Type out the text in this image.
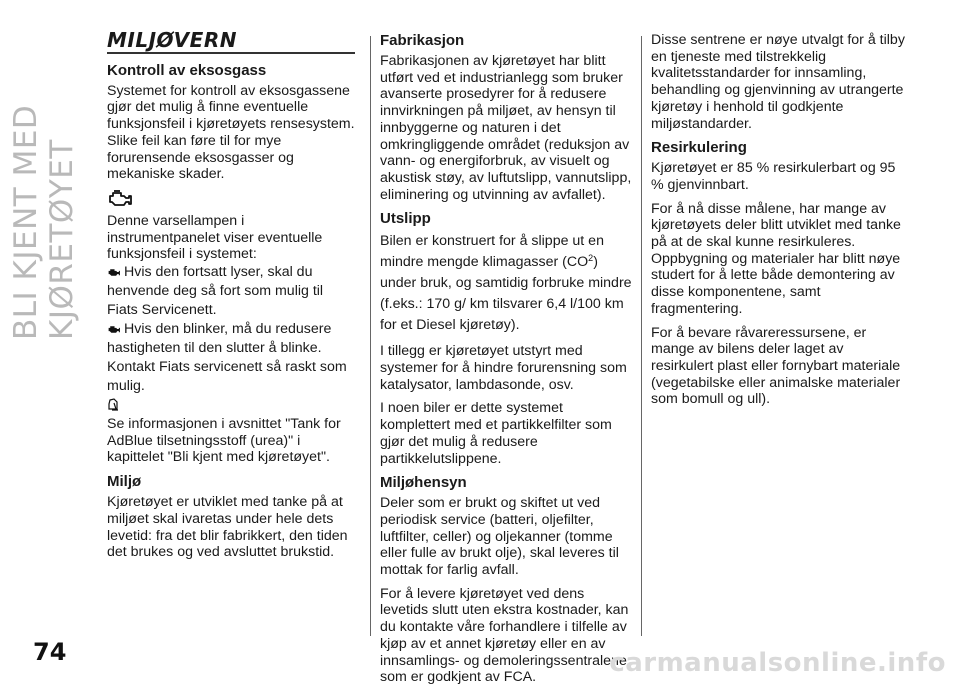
BLI KJENT MED KJØRETØYET
MILJØVERN
Kontroll av eksosgass

Systemet for kontroll av eksosgassene gjør det mulig å finne eventuelle funksjonsfeil i kjøretøyets rensesystem. Slike feil kan føre til for mye forurensende eksosgasser og mekaniske skader.

Denne varsellampen i instrumentpanelet viser eventuelle funksjonsfeil i systemet:

Hvis den fortsatt lyser, skal du henvende deg så fort som mulig til Fiats Servicenett.

Hvis den blinker, må du redusere hastigheten til den slutter å blinke.

Kontakt Fiats servicenett så raskt som mulig.

Se informasjonen i avsnittet "Tank for AdBlue tilsetningsstoff (urea)" i kapittelet "Bli kjent med kjøretøyet".

Miljø

Kjøretøyet er utviklet med tanke på at miljøet skal ivaretas under hele dets levetid: fra det blir fabrikkert, den tiden det brukes og ved avsluttet brukstid.

Fabrikasjon

Fabrikasjonen av kjøretøyet har blitt utført ved et industrianlegg som bruker avanserte prosedyrer for å redusere innvirkningen på miljøet, av hensyn til innbyggerne og naturen i det omkringliggende området (reduksjon av vann- og energiforbruk, av visuelt og akustisk støy, av luftutslipp, vannutslipp, eliminering og utvinning av avfallet).

Utslipp

Bilen er konstruert for å slippe ut en mindre mengde klimagasser $(CO^2)$ under bruk, og samtidig forbruke mindre (f.eks.: 170 g/ km tilsvarer 6,4 l/100 km for et Diesel kjøretøy).

I tillegg er kjøretøyet utstyrt med systemer for å hindre forurensning som katalysator, lambdasonde, osv.

I noen biler er dette systemet komplettert med et partikkelfilter som gjør det mulig å redusere partikkelutslippene.

Miljøhensyn

Deler som er brukt og skiftet ut ved periodisk service (batteri, oljefilter, luftfilter, celler) og oljekanner (tomme eller fulle av brukt olje), skal leveres til mottak for farlig avfall.

For å levere kjøretøyet ved dens levetids slutt uten ekstra kostnader, kan du kontakte våre forhandlere i tilfelle av kjøp av et annet kjøretøy eller en av innsamlings- og demoleringssentralene som er godkjent av FCA.

Disse sentrene er nøye utvalgt for å tilby en tjeneste med tilstrekkelig kvalitetsstandarder for innsamling, behandling og gjenvinning av utrangerte kjøretøy i henhold til godkjente miljøstandarder.

Resirkulering

Kjøretøyet er 85 % resirkulerbart og 95 % gjenvinnbart.

For å nå disse målene, har mange av kjøretøyets deler blitt utviklet med tanke på at de skal kunne resirkuleres. Oppbygning og materialer har blitt nøye studert for å lette både demontering av disse komponentene, samt fragmentering.

For å bevare råvareressursene, er mange av bilens deler laget av resirkulert plast eller fornybart materiale (vegetabilske eller animalske materialer som bomull og ull).

74	carmanualsonline.info
